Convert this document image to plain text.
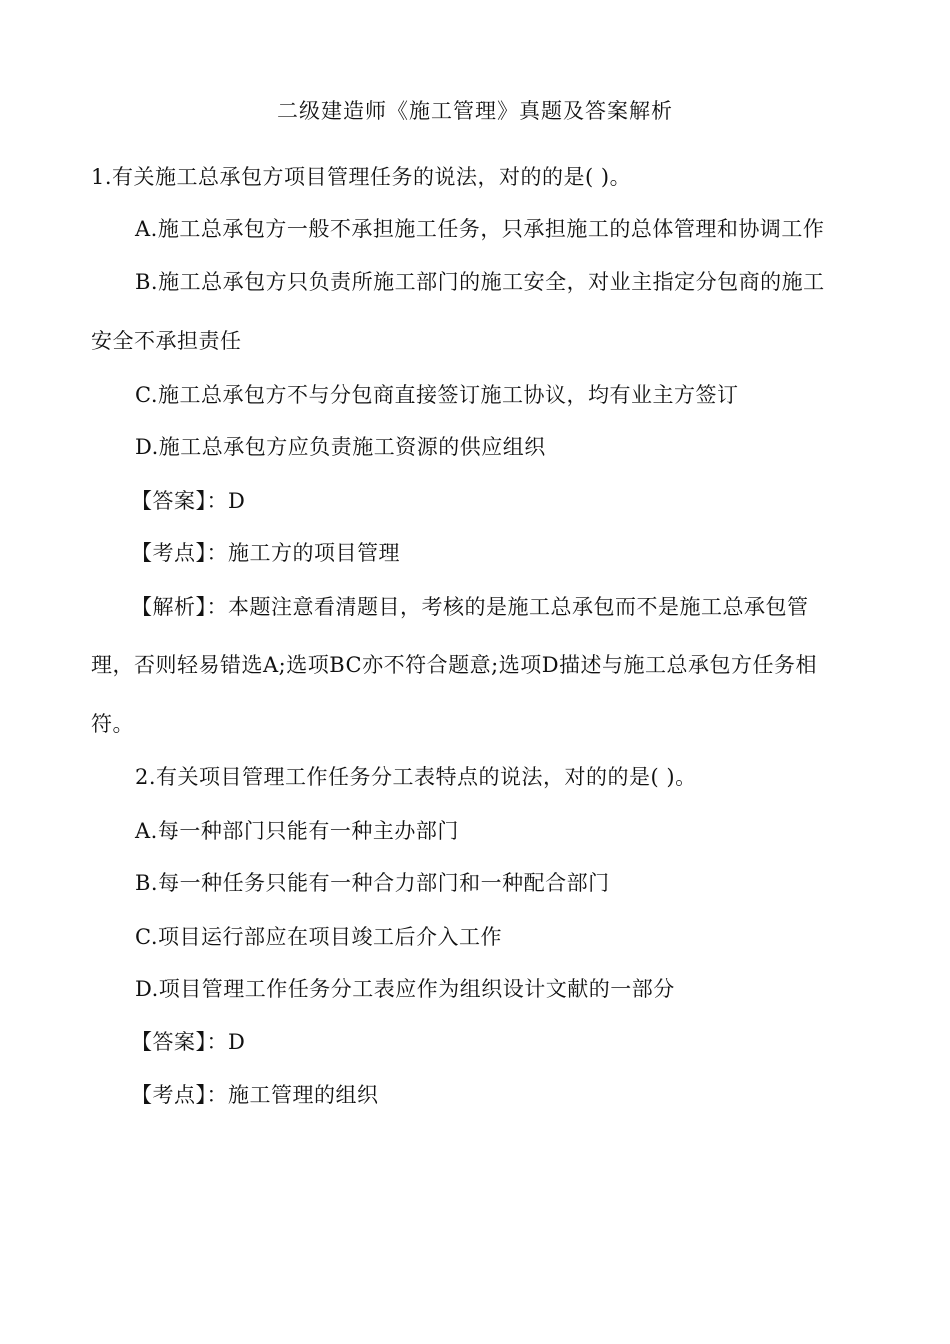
二级建造师《施工管理》真题及答案解析
1.有关施工总承包方项目管理任务的说法，对的的是( )。
A.施工总承包方一般不承担施工任务，只承担施工的总体管理和协调工作
B.施工总承包方只负责所施工部门的施工安全，对业主指定分包商的施工
安全不承担责任
C.施工总承包方不与分包商直接签订施工协议，均有业主方签订
D.施工总承包方应负责施工资源的供应组织
【答案】：D
【考点】：施工方的项目管理
【解析】：本题注意看清题目，考核的是施工总承包而不是施工总承包管
理，否则轻易错选A;选项BC亦不符合题意;选项D描述与施工总承包方任务相
符。
2.有关项目管理工作任务分工表特点的说法，对的的是( )。
A.每一种部门只能有一种主办部门
B.每一种任务只能有一种合力部门和一种配合部门
C.项目运行部应在项目竣工后介入工作
D.项目管理工作任务分工表应作为组织设计文献的一部分
【答案】：D
【考点】：施工管理的组织
